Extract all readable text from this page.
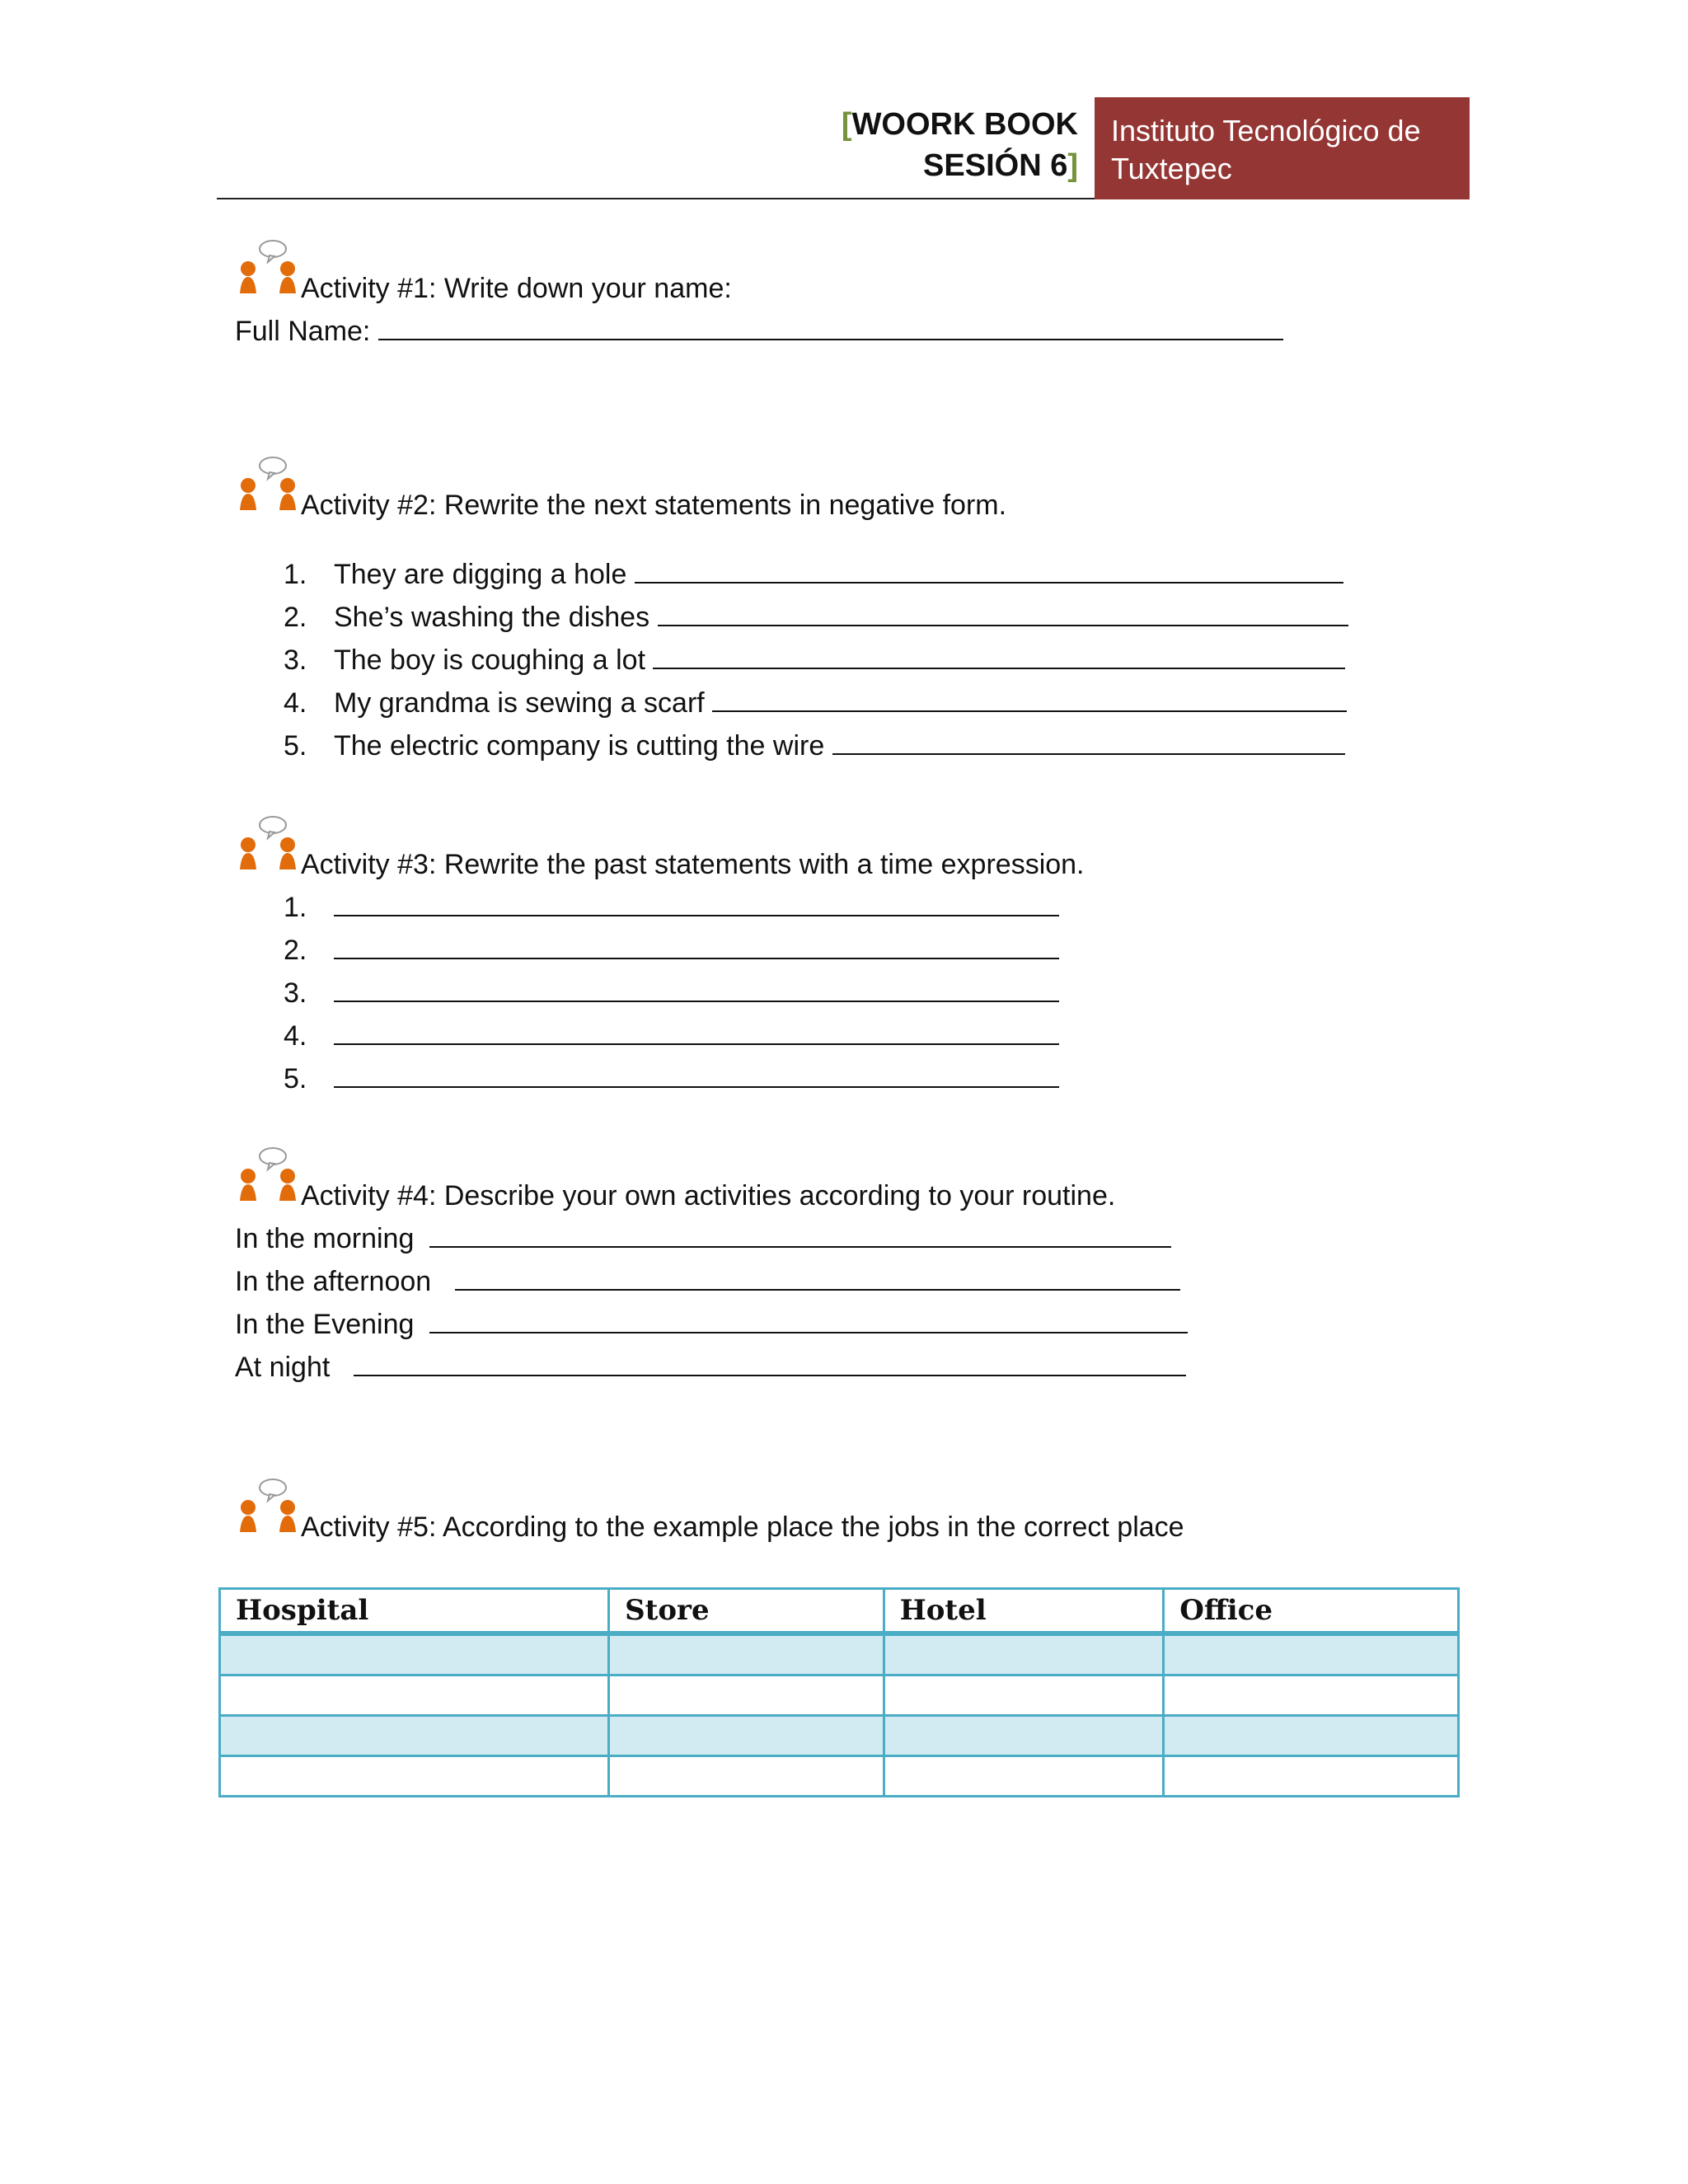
[WOORK BOOK
SESIÓN 6]
Instituto Tecnológico de Tuxtepec
Activity #1: Write down your name:
Full Name:
Activity #2: Rewrite the next statements in negative form.
1. They are digging a hole
2. She’s washing the dishes
3. The boy is coughing a lot
4. My grandma is sewing a scarf
5. The electric company is cutting the wire
Activity #3: Rewrite the past statements with a time expression.
1.
2.
3.
4.
5.
Activity #4: Describe your own activities according to your routine.
In the morning
In the afternoon
In the Evening
At night
Activity #5: According to the example place the jobs in the correct place
Hospital	Store	Hotel	Office
